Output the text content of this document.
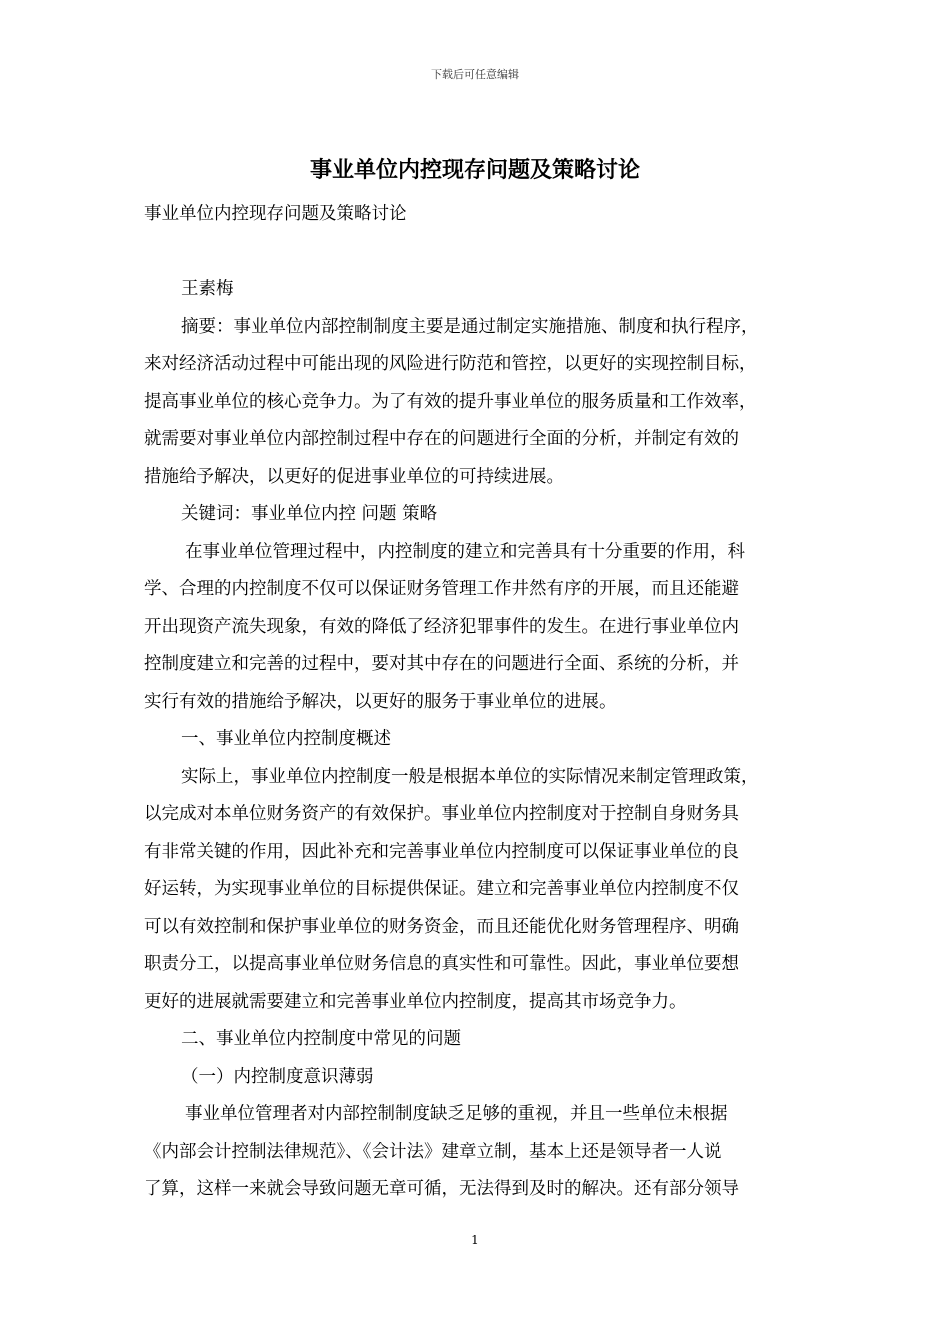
下载后可任意编辑
事业单位内控现存问题及策略讨论

事业单位内控现存问题及策略讨论

王素梅

摘要：事业单位内部控制制度主要是通过制定实施措施、制度和执行程序，

来对经济活动过程中可能出现的风险进行防范和管控，以更好的实现控制目标，

提高事业单位的核心竞争力。为了有效的提升事业单位的服务质量和工作效率，

就需要对事业单位内部控制过程中存在的问题进行全面的分析，并制定有效的

措施给予解决，以更好的促进事业单位的可持续进展。

关键词：事业单位内控 问题 策略

在事业单位管理过程中，内控制度的建立和完善具有十分重要的作用，科

学、合理的内控制度不仅可以保证财务管理工作井然有序的开展，而且还能避

开出现资产流失现象，有效的降低了经济犯罪事件的发生。在进行事业单位内

控制度建立和完善的过程中，要对其中存在的问题进行全面、系统的分析，并

实行有效的措施给予解决，以更好的服务于事业单位的进展。

一、事业单位内控制度概述

实际上，事业单位内控制度一般是根据本单位的实际情况来制定管理政策，

以完成对本单位财务资产的有效保护。事业单位内控制度对于控制自身财务具

有非常关键的作用，因此补充和完善事业单位内控制度可以保证事业单位的良

好运转，为实现事业单位的目标提供保证。建立和完善事业单位内控制度不仅

可以有效控制和保护事业单位的财务资金，而且还能优化财务管理程序、明确

职责分工，以提高事业单位财务信息的真实性和可靠性。因此，事业单位要想

更好的进展就需要建立和完善事业单位内控制度，提高其市场竞争力。

二、事业单位内控制度中常见的问题

（一）内控制度意识薄弱

事业单位管理者对内部控制制度缺乏足够的重视，并且一些单位未根据

《内部会计控制法律规范》、《会计法》建章立制，基本上还是领导者一人说

了算，这样一来就会导致问题无章可循，无法得到及时的解决。还有部分领导

1
